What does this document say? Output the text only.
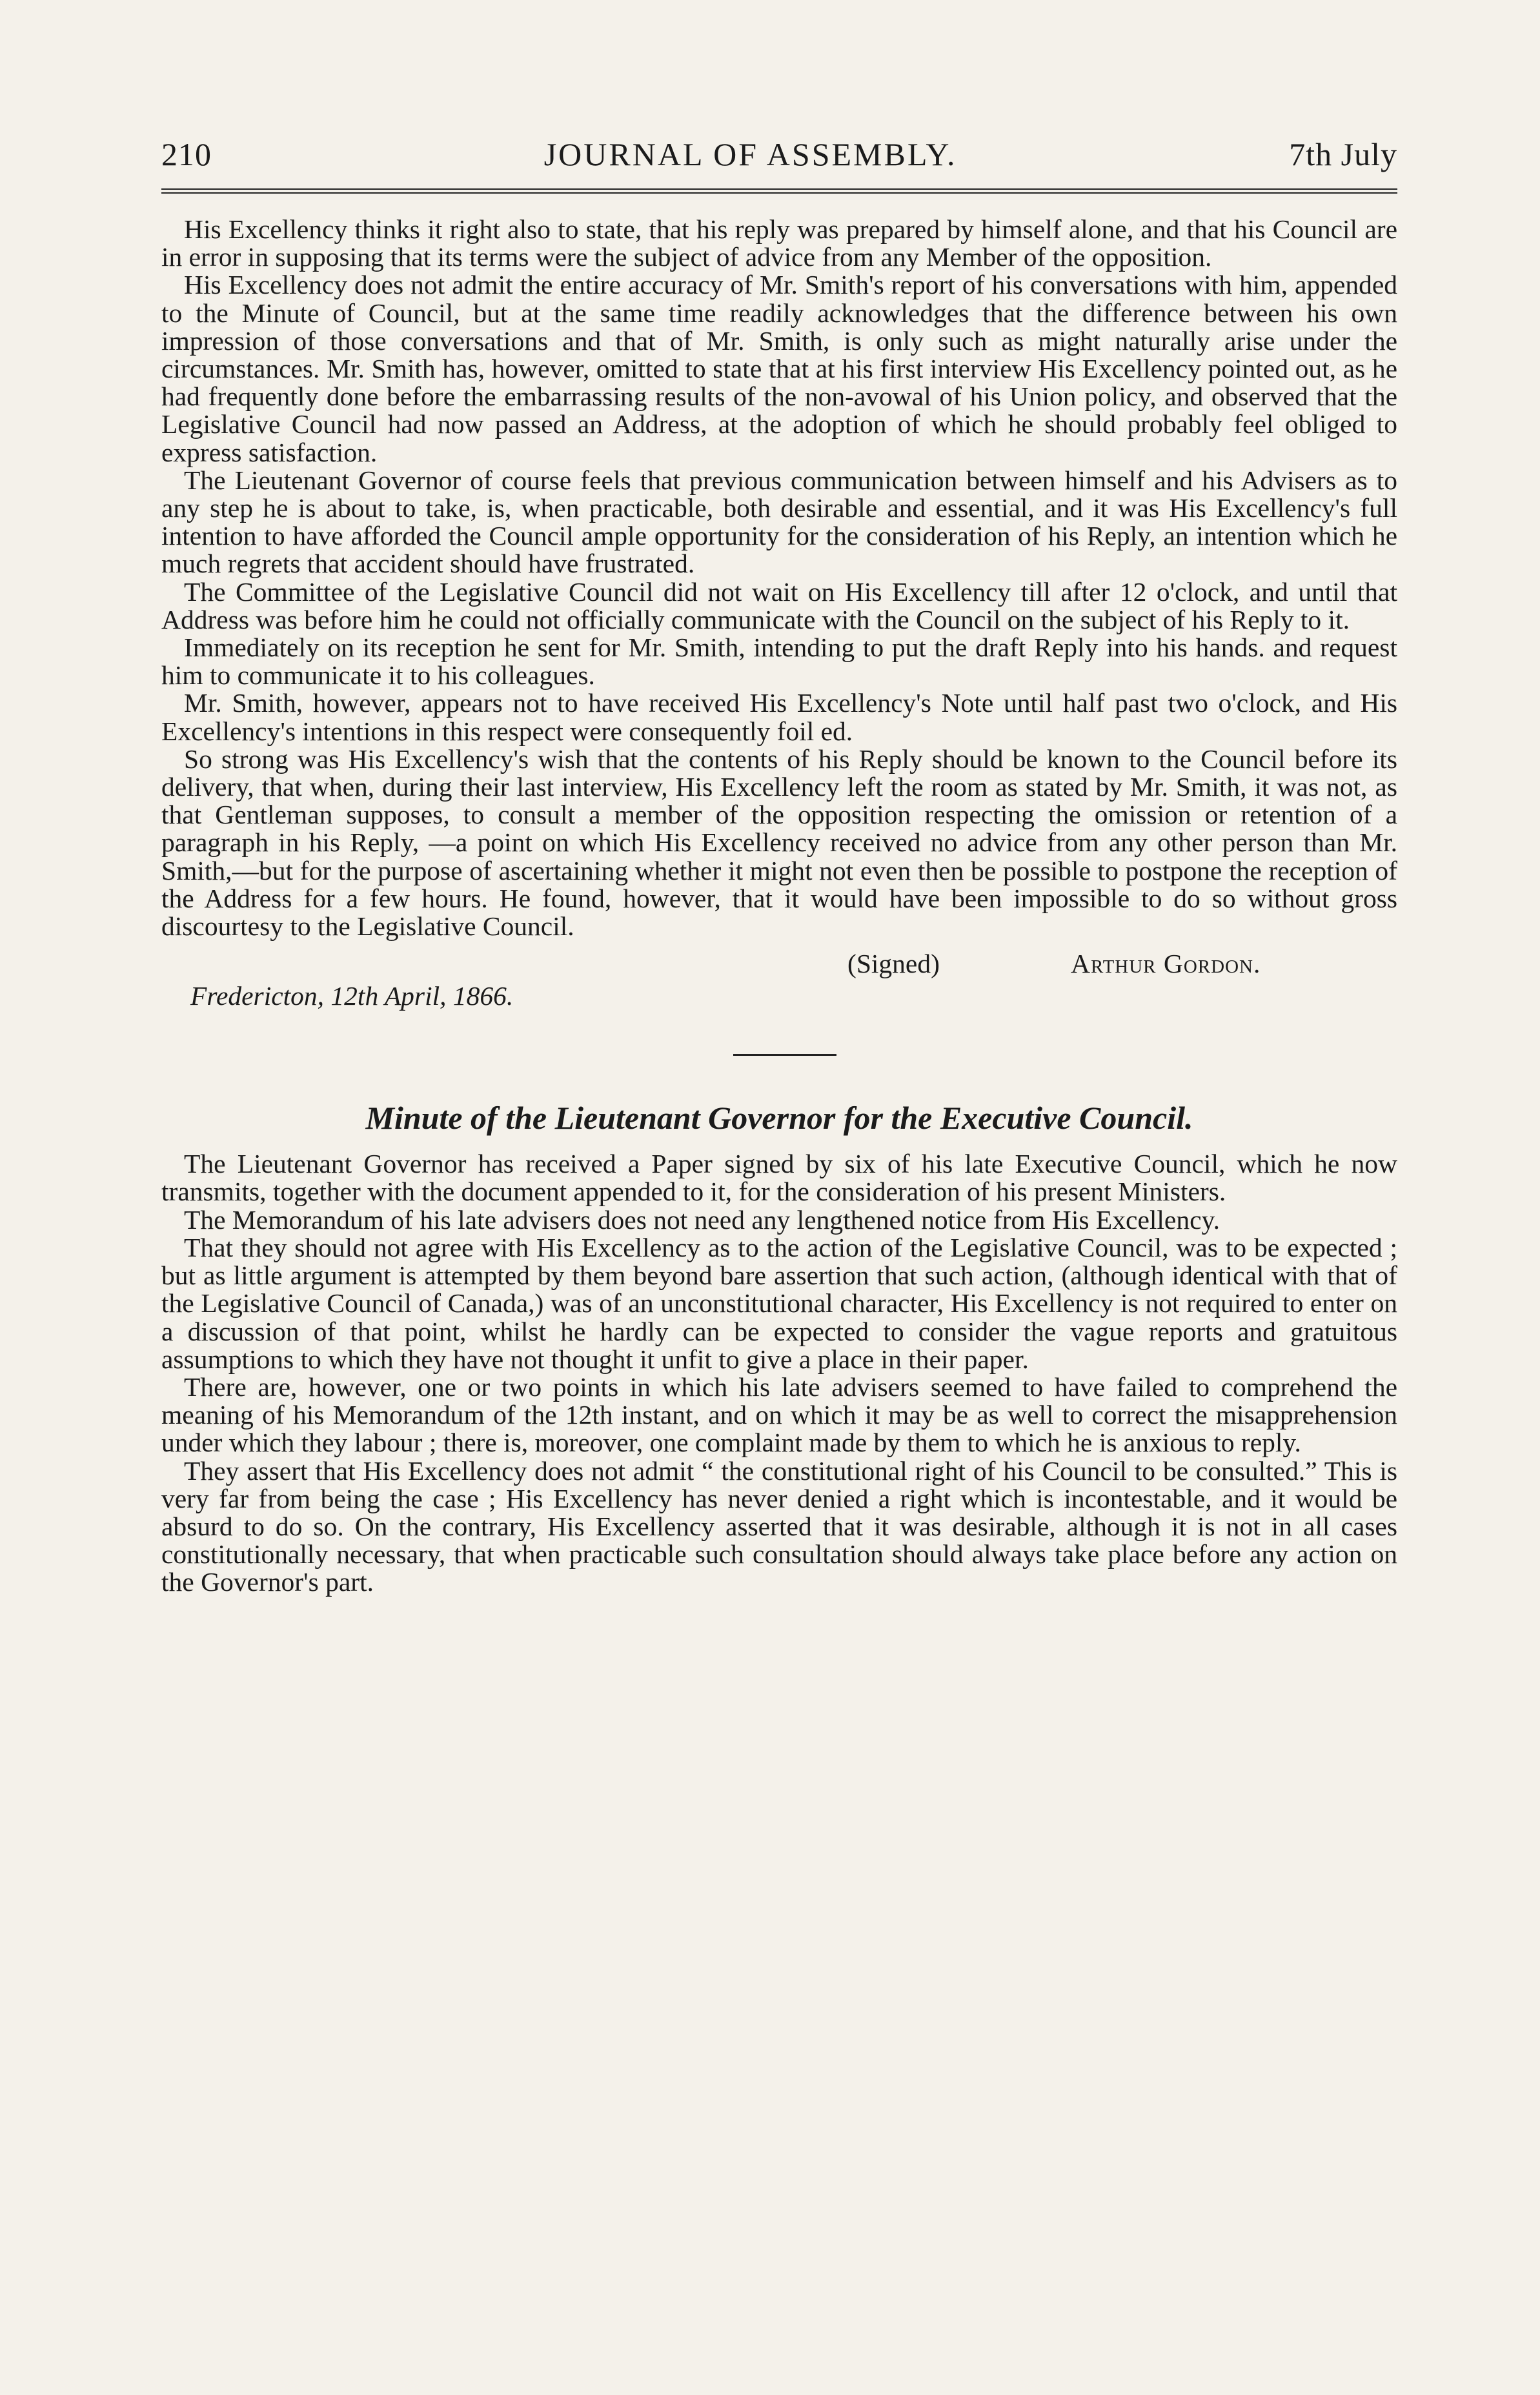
210	JOURNAL OF ASSEMBLY.	7th July

His Excellency thinks it right also to state, that his reply was prepared by himself alone, and that his Council are in error in supposing that its terms were the subject of advice from any Member of the opposition.

His Excellency does not admit the entire accuracy of Mr. Smith's report of his conversations with him, appended to the Minute of Council, but at the same time readily acknowledges that the difference between his own impression of those conversations and that of Mr. Smith, is only such as might naturally arise under the circumstances. Mr. Smith has, however, omitted to state that at his first interview His Excellency pointed out, as he had frequently done before the embarrassing results of the non-avowal of his Union policy, and observed that the Legislative Council had now passed an Address, at the adoption of which he should probably feel obliged to express satisfaction.

The Lieutenant Governor of course feels that previous communication between himself and his Advisers as to any step he is about to take, is, when practicable, both desirable and essential, and it was His Excellency's full intention to have afforded the Council ample opportunity for the consideration of his Reply, an intention which he much regrets that accident should have frustrated.

The Committee of the Legislative Council did not wait on His Excellency till after 12 o'clock, and until that Address was before him he could not officially communicate with the Council on the subject of his Reply to it.

Immediately on its reception he sent for Mr. Smith, intending to put the draft Reply into his hands. and request him to communicate it to his colleagues.

Mr. Smith, however, appears not to have received His Excellency's Note until half past two o'clock, and His Excellency's intentions in this respect were consequently foil ed.

So strong was His Excellency's wish that the contents of his Reply should be known to the Council before its delivery, that when, during their last interview, His Excellency left the room as stated by Mr. Smith, it was not, as that Gentleman supposes, to consult a member of the opposition respecting the omission or retention of a paragraph in his Reply, —a point on which His Excellency received no advice from any other person than Mr. Smith,—but for the purpose of ascertaining whether it might not even then be possible to postpone the reception of the Address for a few hours. He found, however, that it would have been impossible to do so without gross discourtesy to the Legislative Council.

(Signed)	Arthur Gordon.
Fredericton, 12th April, 1866.
Minute of the Lieutenant Governor for the Executive Council.

The Lieutenant Governor has received a Paper signed by six of his late Executive Council, which he now transmits, together with the document appended to it, for the consideration of his present Ministers.

The Memorandum of his late advisers does not need any lengthened notice from His Excellency.

That they should not agree with His Excellency as to the action of the Legislative Council, was to be expected ; but as little argument is attempted by them beyond bare assertion that such action, (although identical with that of the Legislative Council of Canada,) was of an unconstitutional character, His Excellency is not required to enter on a discussion of that point, whilst he hardly can be expected to consider the vague reports and gratuitous assumptions to which they have not thought it unfit to give a place in their paper.

There are, however, one or two points in which his late advisers seemed to have failed to comprehend the meaning of his Memorandum of the 12th instant, and on which it may be as well to correct the misapprehension under which they labour ; there is, moreover, one complaint made by them to which he is anxious to reply.

They assert that His Excellency does not admit “ the constitutional right of his Council to be consulted.” This is very far from being the case ; His Excellency has never denied a right which is incontestable, and it would be absurd to do so. On the contrary, His Excellency asserted that it was desirable, although it is not in all cases constitutionally necessary, that when practicable such consultation should always take place before any action on the Governor's part.
